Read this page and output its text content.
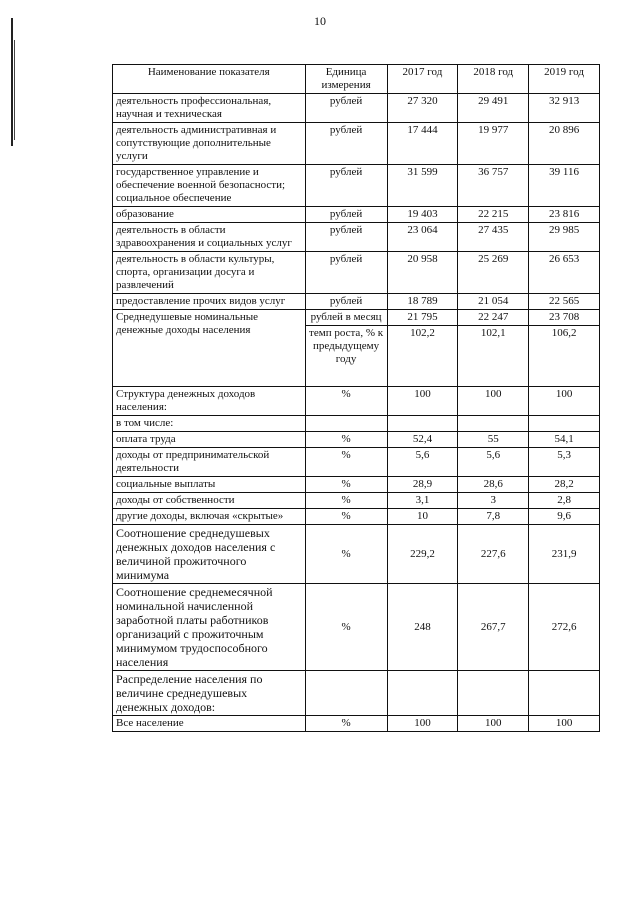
10
Наименование показателя	Единица измерения	2017 год	2018 год	2019 год
деятельность профессиональная, научная и техническая	рублей	27 320	29 491	32 913
деятельность административная и сопутствующие дополнительные услуги	рублей	17 444	19 977	20 896
государственное управление и обеспечение военной безопасности; социальное обеспечение	рублей	31 599	36 757	39 116
образование	рублей	19 403	22 215	23 816
деятельность в области здравоохранения и социальных услуг	рублей	23 064	27 435	29 985
деятельность в области культуры, спорта, организации досуга и развлечений	рублей	20 958	25 269	26 653
предоставление прочих видов услуг	рублей	18 789	21 054	22 565
Среднедушевые номинальные денежные доходы населения	рублей в месяц	21 795	22 247	23 708
	темп роста, % к предыдущему году	102,2	102,1	106,2
Структура денежных доходов населения:	%	100	100	100
в том числе:				
оплата труда	%	52,4	55	54,1
доходы от предпринимательской деятельности	%	5,6	5,6	5,3
социальные выплаты	%	28,9	28,6	28,2
доходы от собственности	%	3,1	3	2,8
другие доходы, включая «скрытые»	%	10	7,8	9,6
Соотношение среднедушевых денежных доходов населения с величиной прожиточного минимума	%	229,2	227,6	231,9
Соотношение среднемесячной номинальной начисленной заработной платы работников организаций с прожиточным минимумом трудоспособного населения	%	248	267,7	272,6
Распределение населения по величине среднедушевых денежных доходов:				
Все население	%	100	100	100
